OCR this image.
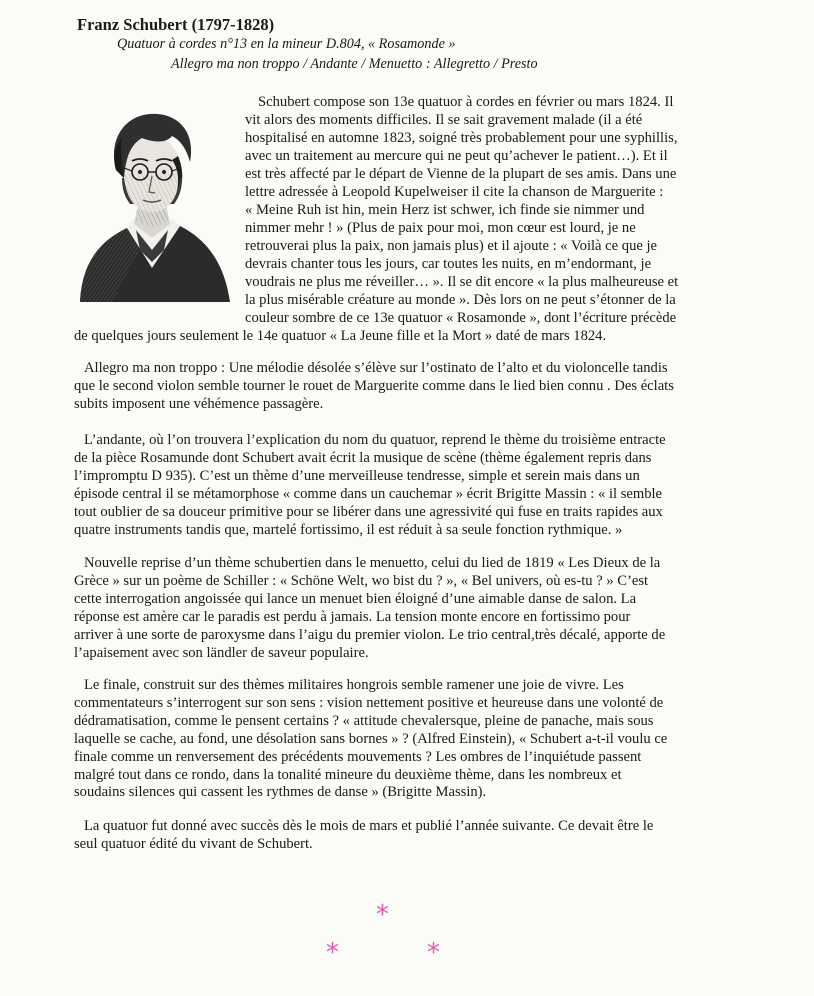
Franz Schubert (1797-1828)

Quatuor à cordes n°13 en la mineur D.804, « Rosamonde »

Allegro ma non troppo / Andante / Menuetto : Allegretto / Presto

Schubert compose son 13e quatuor à cordes en février ou mars 1824. Il

vit alors des moments difficiles. Il se sait gravement malade (il a été

hospitalisé en automne 1823, soigné très probablement pour une syphillis,

avec un traitement au mercure qui ne peut qu’achever le patient…). Et il

est très affecté par le départ de Vienne de la plupart de ses amis. Dans une

lettre adressée à Leopold Kupelweiser il cite la chanson de Marguerite :

« Meine Ruh ist hin, mein Herz ist schwer, ich finde sie nimmer und

nimmer mehr ! » (Plus de paix pour moi, mon cœur est lourd, je ne

retrouverai plus la paix, non jamais plus) et il ajoute : « Voilà ce que je

devrais chanter tous les jours, car toutes les nuits, en m’endormant, je

voudrais ne plus me réveiller… ». Il se dit encore « la plus malheureuse et

la plus misérable créature au monde ». Dès lors on ne peut s’étonner de la

couleur sombre de ce 13e quatuor « Rosamonde », dont l’écriture précède

de quelques jours seulement le 14e quatuor « La Jeune fille et la Mort » daté de mars 1824.

Allegro ma non troppo : Une mélodie désolée s’élève sur l’ostinato de l’alto et du violoncelle tandis
que le second violon semble tourner le rouet de Marguerite comme dans le lied bien connu . Des éclats
subits imposent une véhémence passagère.
L’andante, où l’on trouvera l’explication du nom du quatuor, reprend le thème du troisième entracte
de la pièce Rosamunde dont Schubert avait écrit la musique de scène (thème également repris dans
l’impromptu D 935). C’est un thème d’une merveilleuse tendresse, simple et serein mais dans un
épisode central il se métamorphose « comme dans un cauchemar » écrit Brigitte Massin : « il semble
tout oublier de sa douceur primitive pour se libérer dans une agressivité qui fuse en traits rapides aux
quatre instruments tandis que, martelé fortissimo, il est réduit à sa seule fonction rythmique. »
Nouvelle reprise d’un thème schubertien dans le menuetto, celui du lied de 1819 « Les Dieux de la
Grèce » sur un poème de Schiller : « Schöne Welt, wo bist du ? », « Bel univers, où es-tu ? » C’est
cette interrogation angoissée qui lance un menuet bien éloigné d’une aimable danse de salon. La
réponse est amère car le paradis est perdu à jamais. La tension monte encore en fortissimo pour
arriver à une sorte de paroxysme dans l’aigu du premier violon. Le trio central,très décalé, apporte de
l’apaisement avec son ländler de saveur populaire.
Le finale, construit sur des thèmes militaires hongrois semble ramener une joie de vivre. Les
commentateurs s’interrogent sur son sens : vision nettement positive et heureuse dans une volonté de
dédramatisation, comme le pensent certains ? « attitude chevalersque, pleine de panache, mais sous
laquelle se cache, au fond, une désolation sans bornes » ? (Alfred Einstein), « Schubert a-t-il voulu ce
finale comme un renversement des précédents mouvements ? Les ombres de l’inquiétude passent
malgré tout dans ce rondo, dans la tonalité mineure du deuxième thème, dans les nombreux et
soudains silences qui cassent les rythmes de danse » (Brigitte Massin).
La quatuor fut donné avec succès dès le mois de mars et publié l’année suivante. Ce devait être le
seul quatuor édité du vivant de Schubert.
*
*	*
